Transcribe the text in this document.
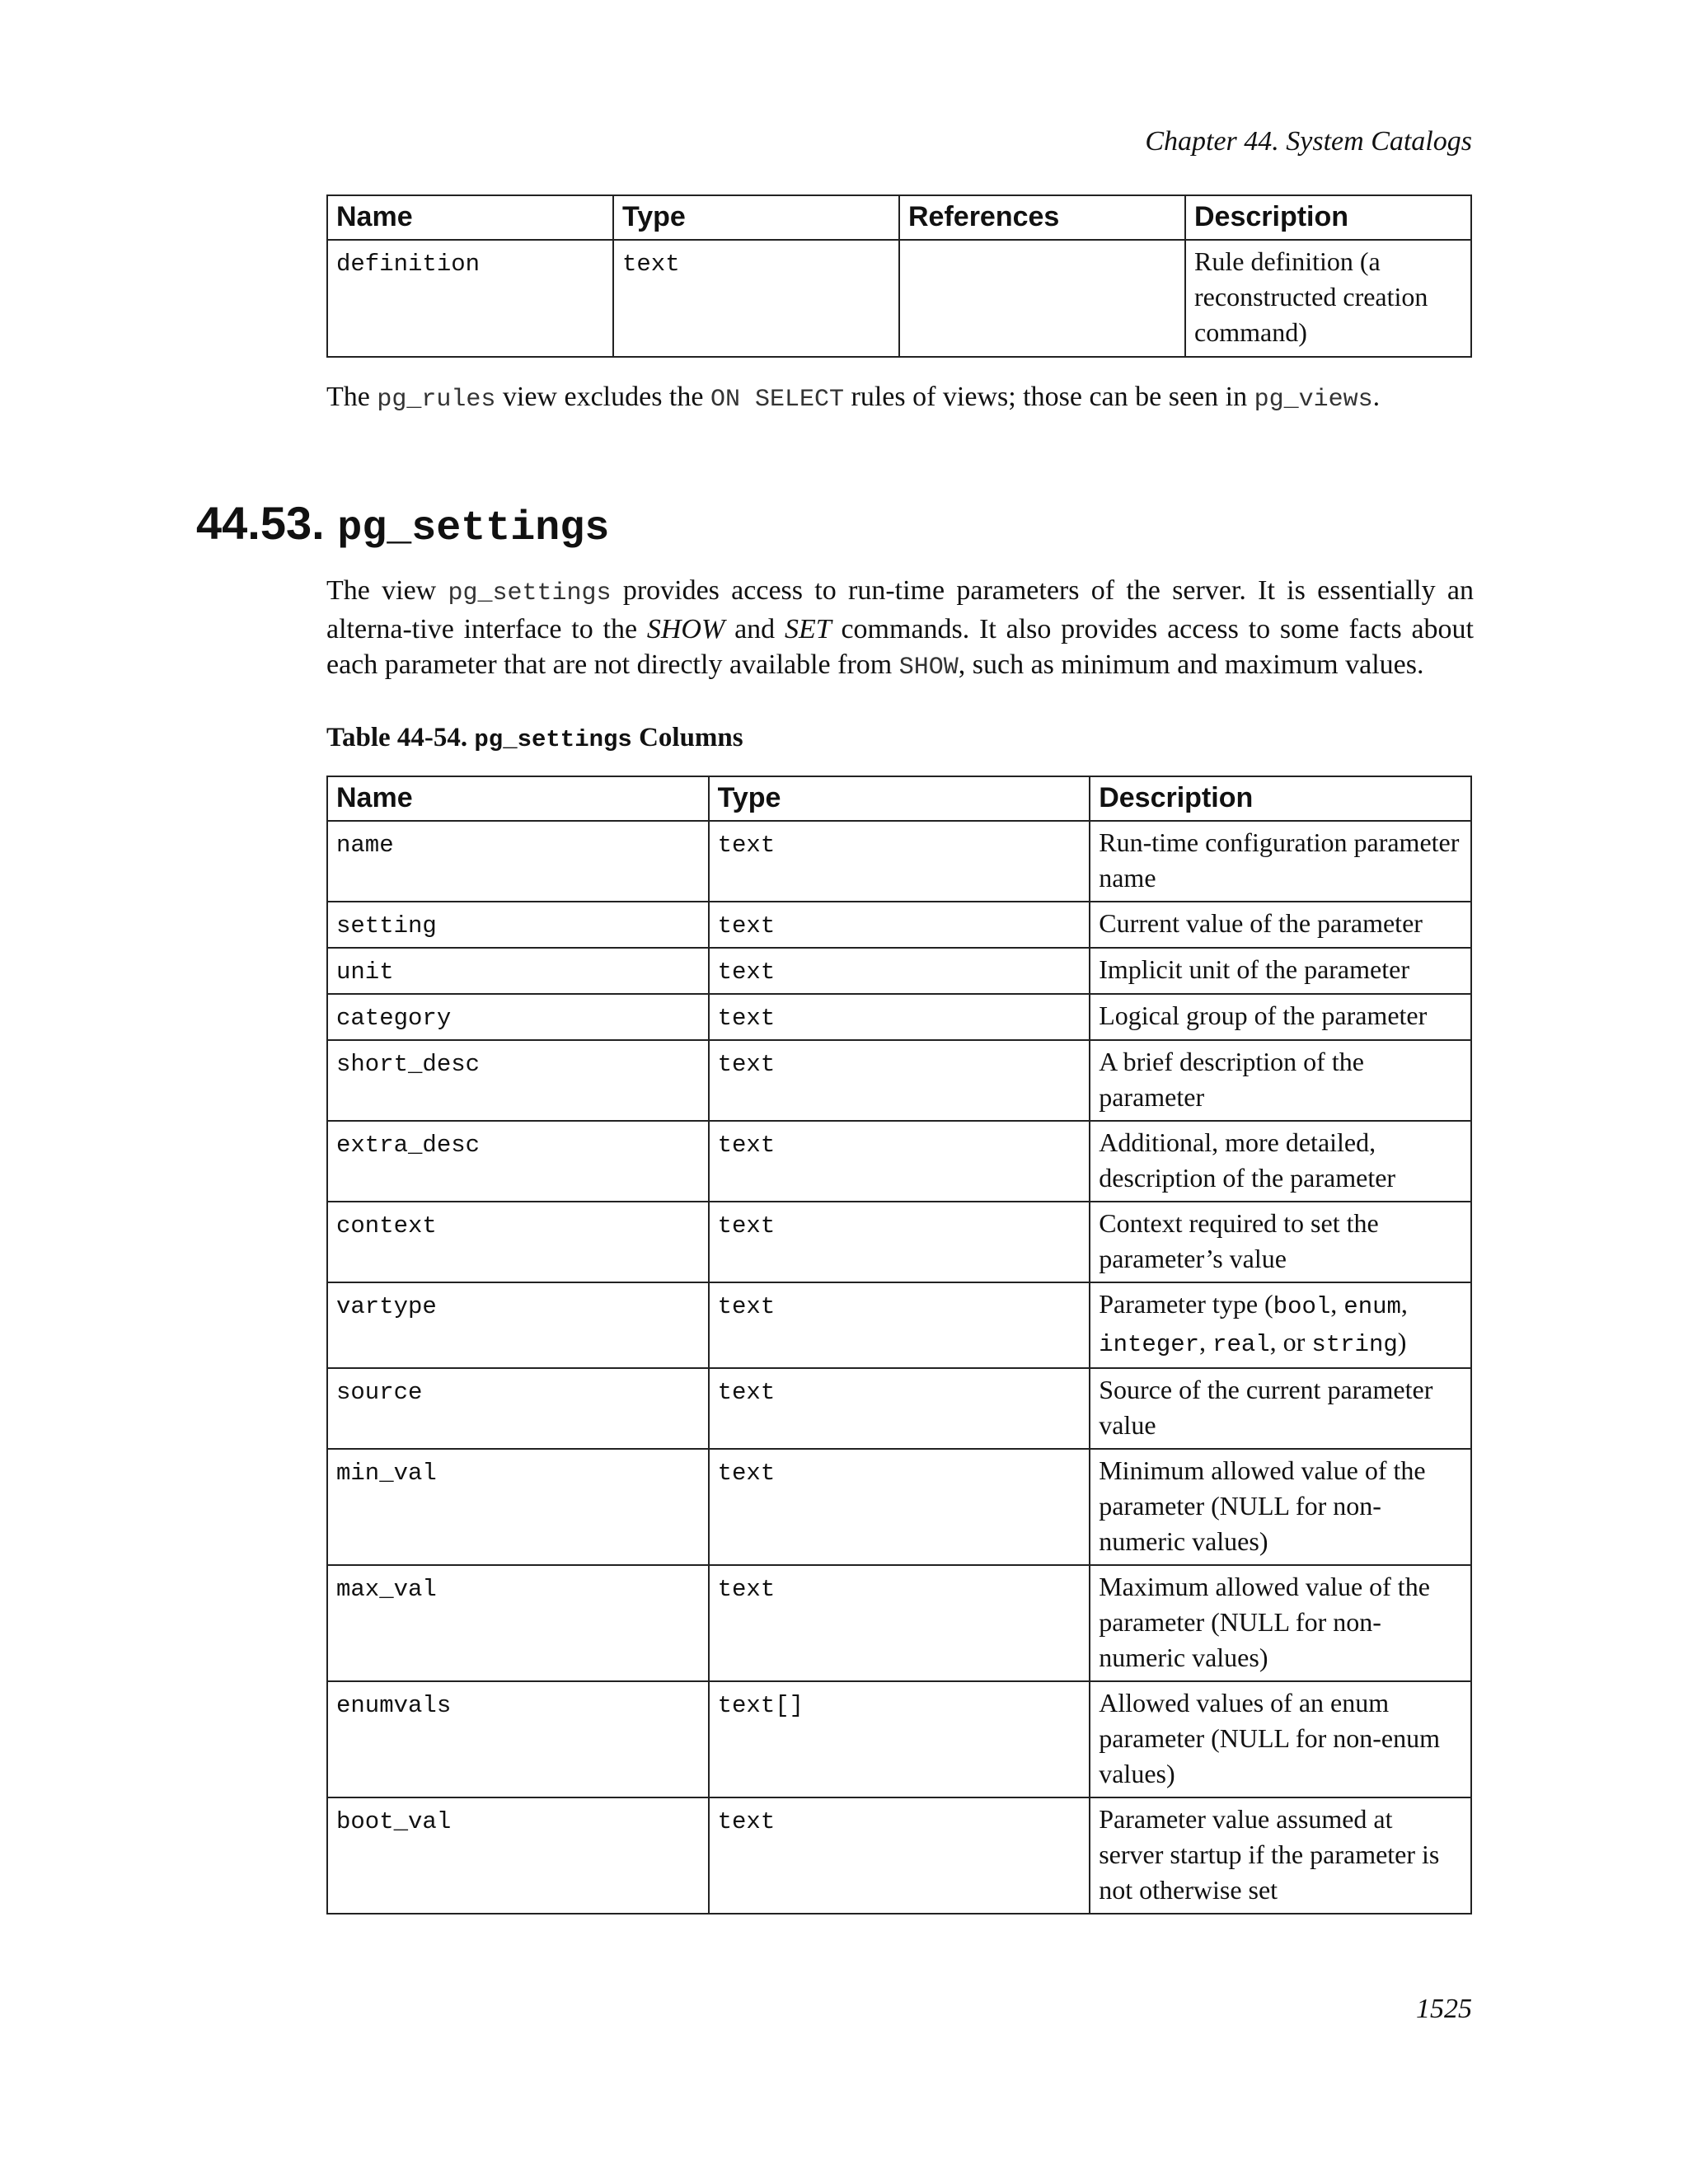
Chapter 44. System Catalogs
Name	Type	References	Description
definition	text		Rule definition (a reconstructed creation command)

The pg_rules view excludes the ON SELECT rules of views; those can be seen in pg_views.

44.53. pg_settings

The view pg_settings provides access to run-time parameters of the server. It is essentially an alterna-tive interface to the SHOW and SET commands. It also provides access to some facts about each parameter that are not directly available from SHOW, such as minimum and maximum values.

Table 44-54. pg_settings Columns

Name	Type	Description
name	text	Run-time configuration parameter name
setting	text	Current value of the parameter
unit	text	Implicit unit of the parameter
category	text	Logical group of the parameter
short_desc	text	A brief description of the parameter
extra_desc	text	Additional, more detailed, description of the parameter
context	text	Context required to set the parameter’s value
vartype	text	Parameter type (bool, enum, integer, real, or string)
source	text	Source of the current parameter value
min_val	text	Minimum allowed value of the parameter (NULL for non-numeric values)
max_val	text	Maximum allowed value of the parameter (NULL for non-numeric values)
enumvals	text[]	Allowed values of an enum parameter (NULL for non-enum values)
boot_val	text	Parameter value assumed at server startup if the parameter is not otherwise set
1525
